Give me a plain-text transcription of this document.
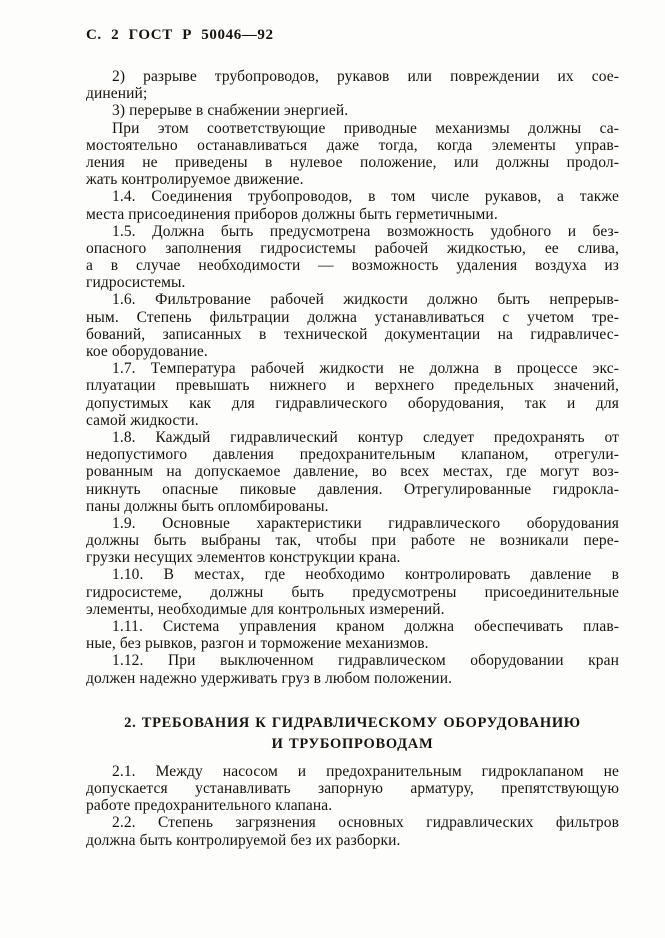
С. 2 ГОСТ Р 50046—92
2) разрыве трубопроводов, рукавов или повреждении их сое-
динений;
3) перерыве в снабжении энергией.
При этом соответствующие приводные механизмы должны са-
мостоятельно останавливаться даже тогда, когда элементы управ-
ления не приведены в нулевое положение, или должны продол-
жать контролируемое движение.
1.4. Соединения трубопроводов, в том числе рукавов, а также
места присоединения приборов должны быть герметичными.
1.5. Должна быть предусмотрена возможность удобного и без-
опасного заполнения гидросистемы рабочей жидкостью, ее слива,
а в случае необходимости — возможность удаления воздуха из
гидросистемы.
1.6. Фильтрование рабочей жидкости должно быть непрерыв-
ным. Степень фильтрации должна устанавливаться с учетом тре-
бований, записанных в технической документации на гидравличес-
кое оборудование.
1.7. Температура рабочей жидкости не должна в процессе экс-
плуатации превышать нижнего и верхнего предельных значений,
допустимых как для гидравлического оборудования, так и для
самой жидкости.
1.8. Каждый гидравлический контур следует предохранять от
недопустимого давления предохранительным клапаном, отрегули-
рованным на допускаемое давление, во всех местах, где могут воз-
никнуть опасные пиковые давления. Отрегулированные гидрокла-
паны должны быть опломбированы.
1.9. Основные характеристики гидравлического оборудования
должны быть выбраны так, чтобы при работе не возникали пере-
грузки несущих элементов конструкции крана.
1.10. В местах, где необходимо контролировать давление в
гидросистеме, должны быть предусмотрены присоединительные
элементы, необходимые для контрольных измерений.
1.11. Система управления краном должна обеспечивать плав-
ные, без рывков, разгон и торможение механизмов.
1.12. При выключенном гидравлическом оборудовании кран
должен надежно удерживать груз в любом положении.
2. ТРЕБОВАНИЯ К ГИДРАВЛИЧЕСКОМУ ОБОРУДОВАНИЮ
И ТРУБОПРОВОДАМ
2.1. Между насосом и предохранительным гидроклапаном не
допускается устанавливать запорную арматуру, препятствующую
работе предохранительного клапана.
2.2. Степень загрязнения основных гидравлических фильтров
должна быть контролируемой без их разборки.
